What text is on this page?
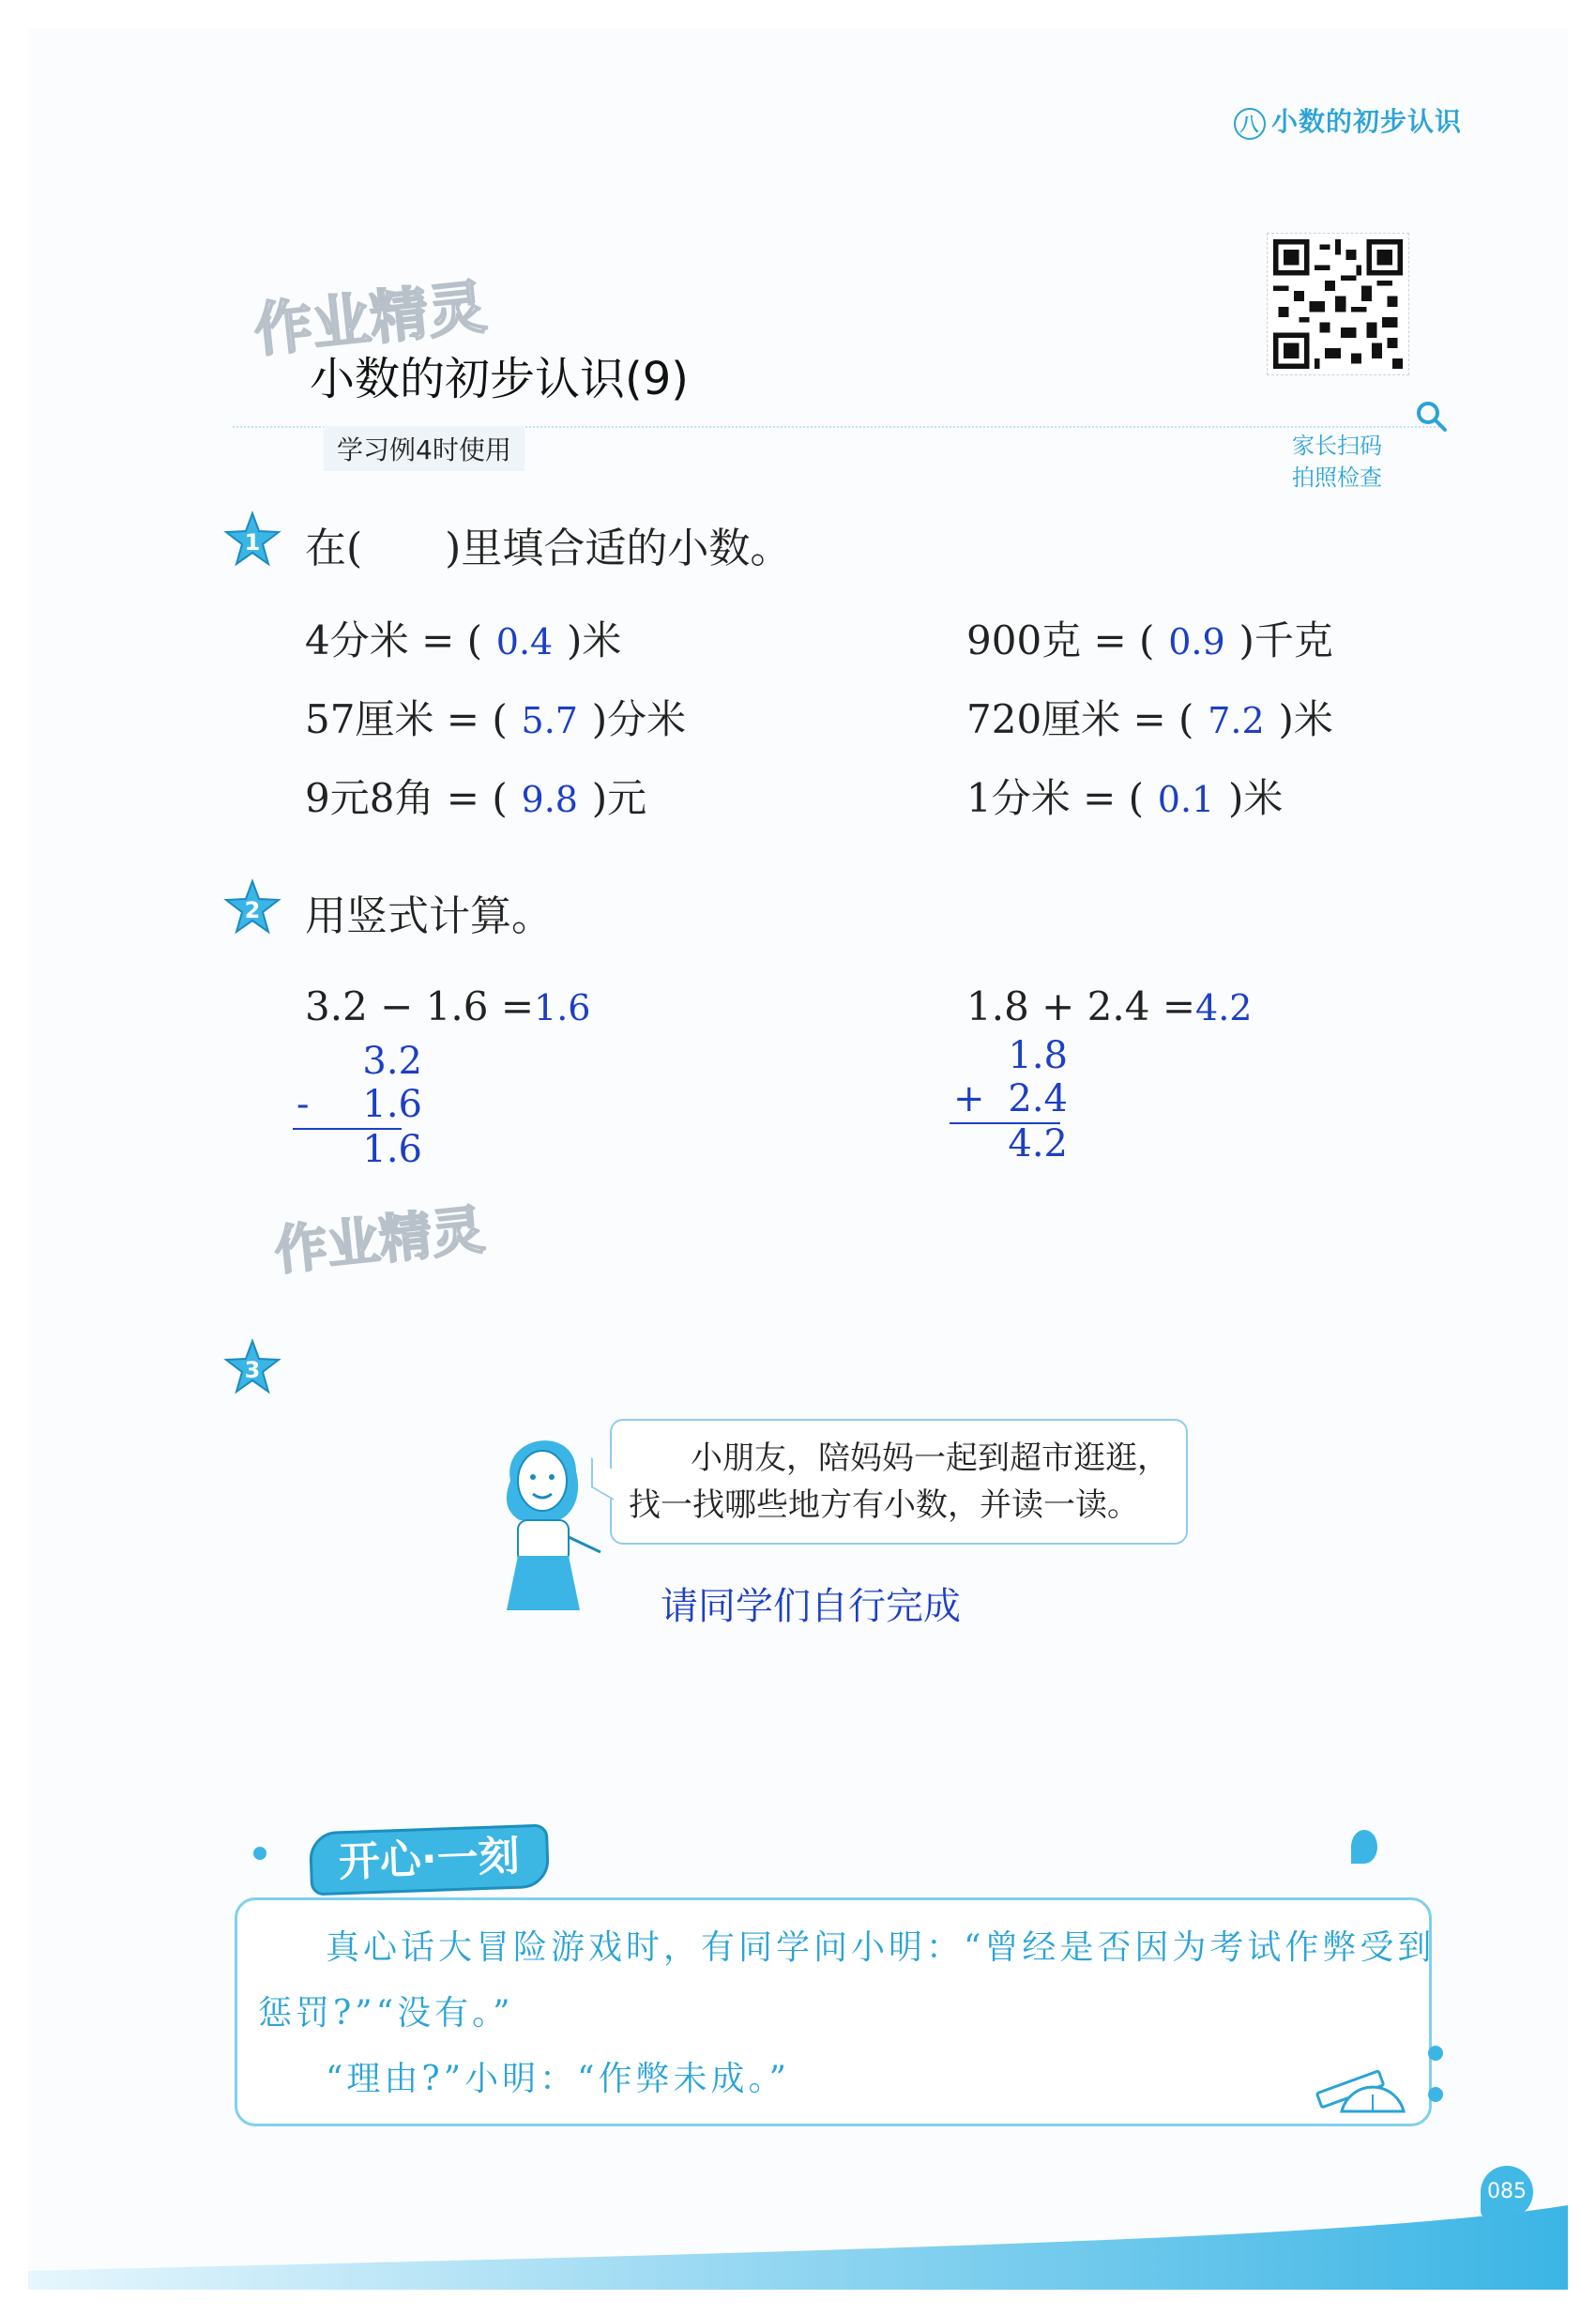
八 小数的初步认识
作业精灵
作业精灵
小数的初步认识(9)
学习例4时使用	家长扫码
拍照检查
1 在(　　)里填合适的小数。
4分米 = ( 0.4 )米	900克 = ( 0.9 )千克
57厘米 = ( 5.7 )分米	720厘米 = ( 7.2 )米
9元8角 = ( 9.8 )元	1分米 = ( 0.1 )米
2 用竖式计算。
3.2 − 1.6 =1.6
3.2
-	1.6
1.6
1.8 + 2.4 =4.2
1.8
+ 2.4
4.2
3
小朋友，陪妈妈一起到超市逛逛，
找一找哪些地方有小数，并读一读。
请同学们自行完成
真心话大冒险游戏时，有同学问小明：“曾经是否因为考试作弊受到
惩罚?”“没有。”
“理由?”小明：“作弊未成。”
开心·一刻
085
